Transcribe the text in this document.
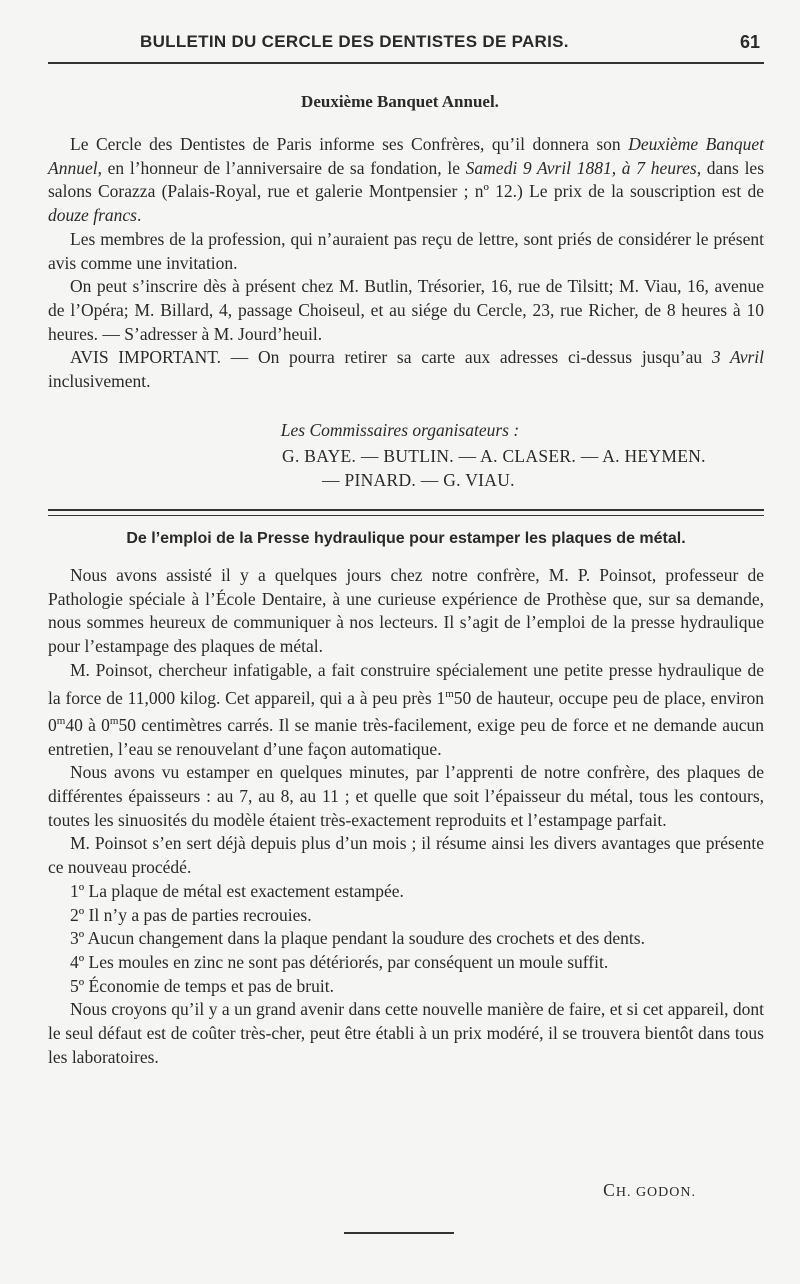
BULLETIN DU CERCLE DES DENTISTES DE PARIS.	61
Deuxième Banquet Annuel.

Le Cercle des Dentistes de Paris informe ses Confrères, qu’il donnera son Deuxième Banquet Annuel, en l’honneur de l’anniversaire de sa fondation, le Samedi 9 Avril 1881, à 7 heures, dans les salons Corazza (Palais-Royal, rue et galerie Montpensier ; nº 12.) Le prix de la souscription est de douze francs.

Les membres de la profession, qui n’auraient pas reçu de lettre, sont priés de considérer le présent avis comme une invitation.

On peut s’inscrire dès à présent chez M. Butlin, Trésorier, 16, rue de Tilsitt; M. Viau, 16, avenue de l’Opéra; M. Billard, 4, passage Choiseul, et au siége du Cercle, 23, rue Richer, de 8 heures à 10 heures. — S’adresser à M. Jourd’heuil.

AVIS IMPORTANT. — On pourra retirer sa carte aux adresses ci-dessus jusqu’au 3 Avril inclusivement.

Les Commissaires organisateurs :
G. BAYE. — BUTLIN. — A. CLASER. — A. HEYMEN.
— PINARD. — G. VIAU.
De l’emploi de la Presse hydraulique pour estamper les plaques de métal.

Nous avons assisté il y a quelques jours chez notre confrère, M. P. Poinsot, professeur de Pathologie spéciale à l’École Dentaire, à une curieuse expérience de Prothèse que, sur sa demande, nous sommes heureux de communiquer à nos lecteurs. Il s’agit de l’emploi de la presse hydraulique pour l’estampage des plaques de métal.

M. Poinsot, chercheur infatigable, a fait construire spécialement une petite presse hydraulique de la force de 11,000 kilog. Cet appareil, qui a à peu près 1$^m$50 de hauteur, occupe peu de place, environ 0$^m$40 à 0$^m$50 centimètres carrés. Il se manie très-facilement, exige peu de force et ne demande aucun entretien, l’eau se renouvelant d’une façon automatique.

Nous avons vu estamper en quelques minutes, par l’apprenti de notre confrère, des plaques de différentes épaisseurs : au 7, au 8, au 11 ; et quelle que soit l’épaisseur du métal, tous les contours, toutes les sinuosités du modèle étaient très-exactement reproduits et l’estampage parfait.

M. Poinsot s’en sert déjà depuis plus d’un mois ; il résume ainsi les divers avantages que présente ce nouveau procédé.

1º La plaque de métal est exactement estampée.

2º Il n’y a pas de parties recrouies.

3º Aucun changement dans la plaque pendant la soudure des crochets et des dents.

4º Les moules en zinc ne sont pas détériorés, par conséquent un moule suffit.

5º Économie de temps et pas de bruit.

Nous croyons qu’il y a un grand avenir dans cette nouvelle manière de faire, et si cet appareil, dont le seul défaut est de coûter très-cher, peut être établi à un prix modéré, il se trouvera bientôt dans tous les laboratoires.

CH. GODON.
